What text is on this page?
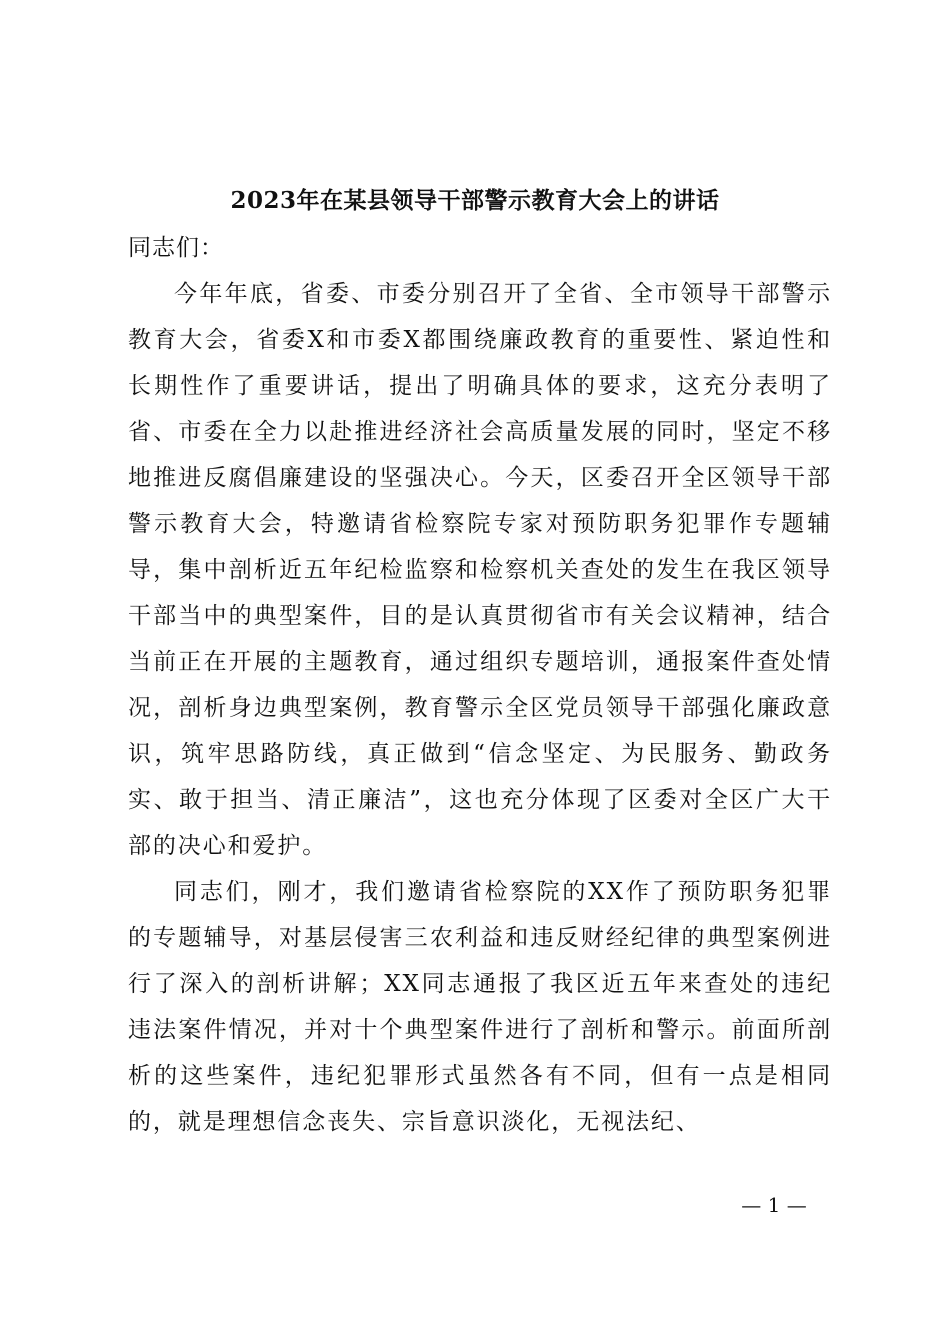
2023年在某县领导干部警示教育大会上的讲话

同志们：

今年年底，省委、市委分别召开了全省、全市领导干部警示教育大会，省委X和市委X都围绕廉政教育的重要性、紧迫性和长期性作了重要讲话，提出了明确具体的要求，这充分表明了省、市委在全力以赴推进经济社会高质量发展的同时，坚定不移地推进反腐倡廉建设的坚强决心。今天，区委召开全区领导干部警示教育大会，特邀请省检察院专家对预防职务犯罪作专题辅导，集中剖析近五年纪检监察和检察机关查处的发生在我区领导干部当中的典型案件，目的是认真贯彻省市有关会议精神，结合当前正在开展的主题教育，通过组织专题培训，通报案件查处情况，剖析身边典型案例，教育警示全区党员领导干部强化廉政意识，筑牢思路防线，真正做到“信念坚定、为民服务、勤政务实、敢于担当、清正廉洁”，这也充分体现了区委对全区广大干部的决心和爱护。

同志们，刚才，我们邀请省检察院的XX作了预防职务犯罪的专题辅导，对基层侵害三农利益和违反财经纪律的典型案例进行了深入的剖析讲解；XX同志通报了我区近五年来查处的违纪违法案件情况，并对十个典型案件进行了剖析和警示。前面所剖析的这些案件，违纪犯罪形式虽然各有不同，但有一点是相同的，就是理想信念丧失、宗旨意识淡化，无视法纪、

— 1 —
